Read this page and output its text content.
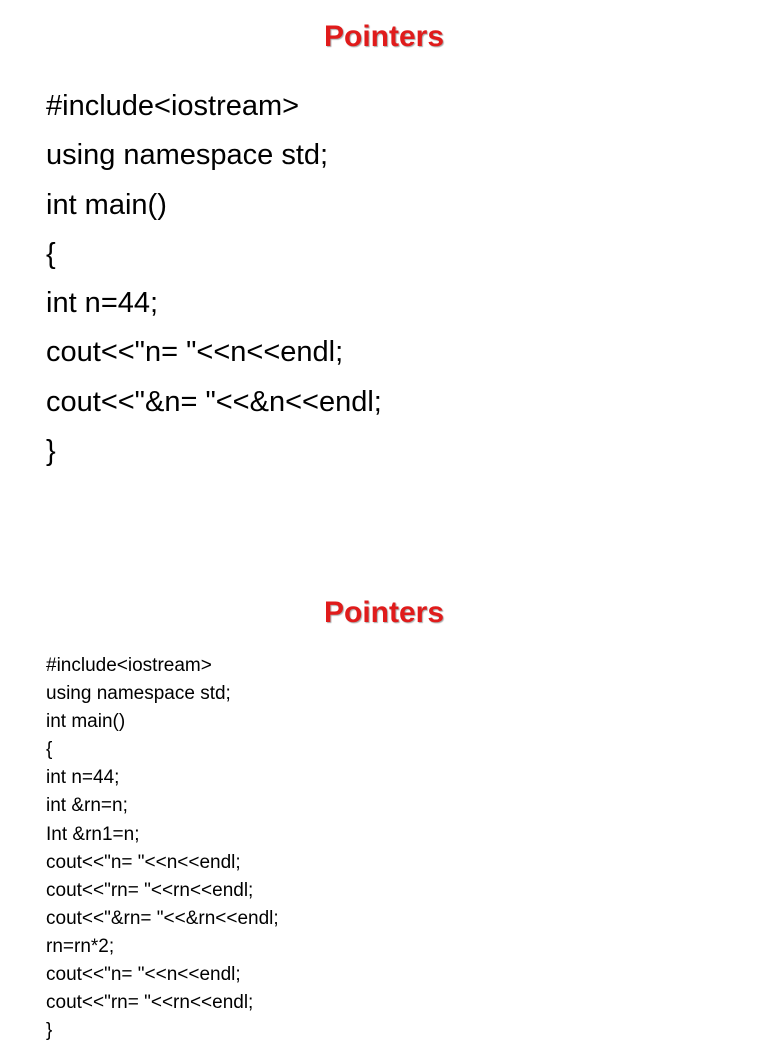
Pointers
#include<iostream>
using namespace std;
int main()
{
int n=44;
cout<<"n= "<<n<<endl;
cout<<"&n= "<<&n<<endl;
}
Pointers
#include<iostream>
using namespace std;
int main()
{
int n=44;
int &rn=n;
Int &rn1=n;
cout<<"n= "<<n<<endl;
cout<<"rn= "<<rn<<endl;
cout<<"&rn= "<<&rn<<endl;
rn=rn*2;
cout<<"n= "<<n<<endl;
cout<<"rn= "<<rn<<endl;
}
